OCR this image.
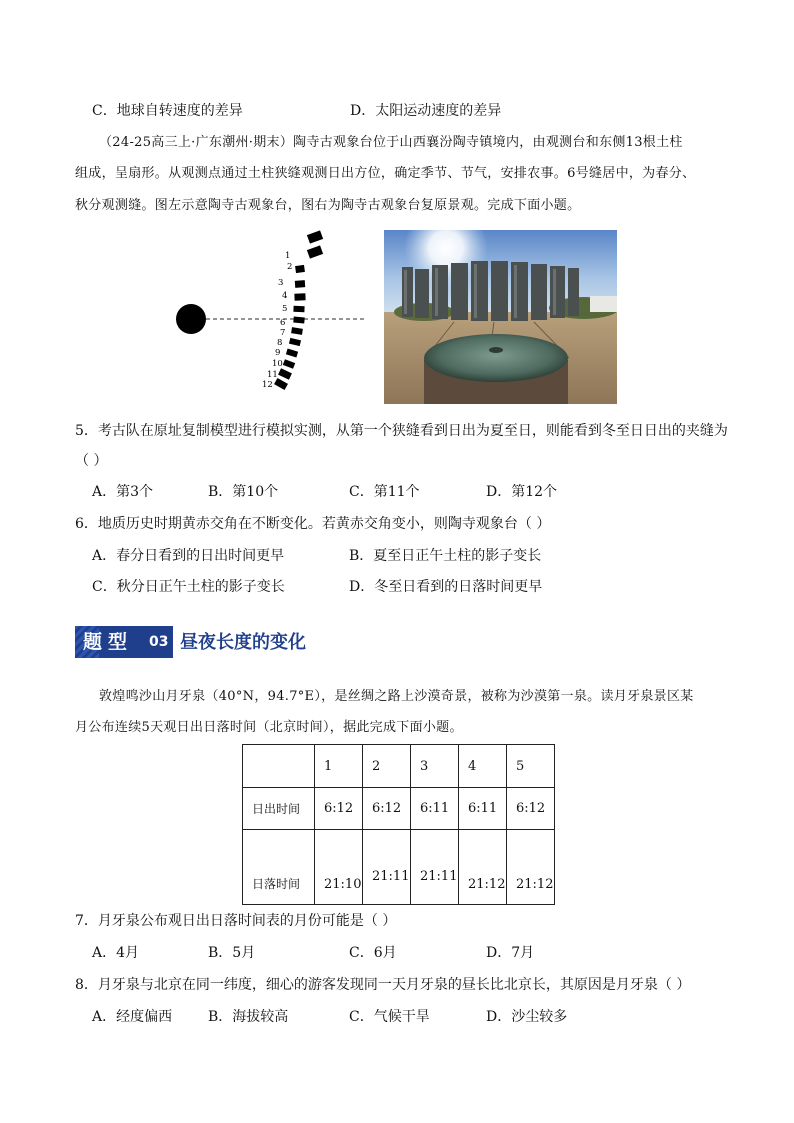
C．地球自转速度的差异	D．太阳运动速度的差异
（24-25高三上·广东潮州·期末）陶寺古观象台位于山西襄汾陶寺镇境内，由观测台和东侧13根土柱
组成，呈扇形。从观测点通过土柱狭缝观测日出方位，确定季节、节气，安排农事。6号缝居中，为春分、
秋分观测缝。图左示意陶寺古观象台，图右为陶寺古观象台复原景观。完成下面小题。
1
2
3
4
5
6
7
8
9
10
11
12
5．考古队在原址复制模型进行模拟实测，从第一个狭缝看到日出为夏至日，则能看到冬至日日出的夹缝为
（ ）
A．第3个	B．第10个	C．第11个	D．第12个
6．地质历史时期黄赤交角在不断变化。若黄赤交角变小，则陶寺观象台（ ）
A．春分日看到的日出时间更早	B．夏至日正午土柱的影子变长
C．秋分日正午土柱的影子变长	D．冬至日看到的日落时间更早
题型 03 昼夜长度的变化
敦煌鸣沙山月牙泉（40°N，94.7°E），是丝绸之路上沙漠奇景，被称为沙漠第一泉。读月牙泉景区某
月公布连续5天观日出日落时间（北京时间），据此完成下面小题。
	1	2	3	4	5
日出时间	6:12	6:12	6:11	6:11	6:12
日落时间	21:10	21:11	21:11	21:12	21:12
7．月牙泉公布观日出日落时间表的月份可能是（ ）
A．4月	B．5月	C．6月	D．7月
8．月牙泉与北京在同一纬度，细心的游客发现同一天月牙泉的昼长比北京长，其原因是月牙泉（ ）
A．经度偏西	B．海拔较高	C．气候干旱	D．沙尘较多
